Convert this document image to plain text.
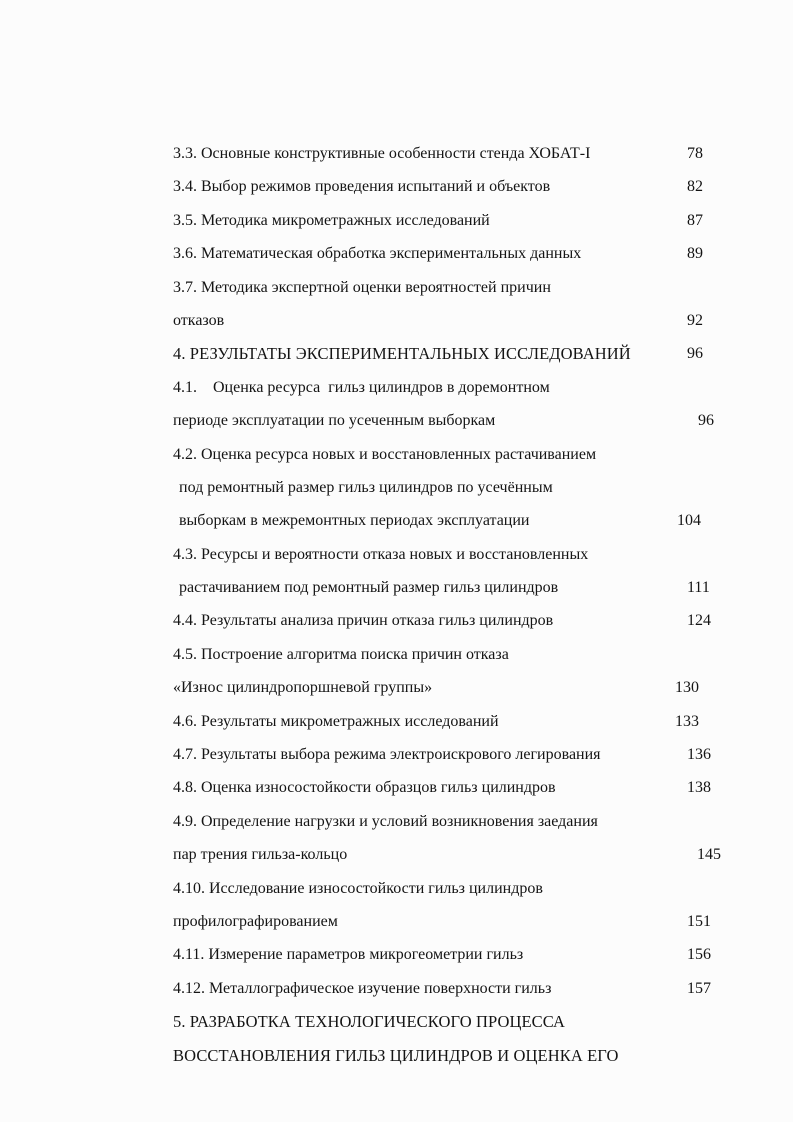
3.3. Основные конструктивные особенности стенда ХОБАТ-I	78
3.4. Выбор режимов проведения испытаний и объектов	82
3.5. Методика микрометражных исследований	87
3.6. Математическая обработка экспериментальных данных	89
3.7. Методика экспертной оценки вероятностей причин
отказов	92
4. РЕЗУЛЬТАТЫ ЭКСПЕРИМЕНТАЛЬНЫХ ИССЛЕДОВАНИЙ	96
4.1.    Оценка ресурса  гильз цилиндров в доремонтном
периоде эксплуатации по усеченным выборкам	96
4.2. Оценка ресурса новых и восстановленных растачиванием
под ремонтный размер гильз цилиндров по усечённым
выборкам в межремонтных периодах эксплуатации	104
4.3. Ресурсы и вероятности отказа новых и восстановленных
растачиванием под ремонтный размер гильз цилиндров	111
4.4. Результаты анализа причин отказа гильз цилиндров	124
4.5. Построение алгоритма поиска причин отказа
«Износ цилиндропоршневой группы»	130
4.6. Результаты микрометражных исследований	133
4.7. Результаты выбора режима электроискрового легирования	136
4.8. Оценка износостойкости образцов гильз цилиндров	138
4.9. Определение нагрузки и условий возникновения заедания
пар трения гильза-кольцо	145
4.10. Исследование износостойкости гильз цилиндров
профилографированием	151
4.11. Измерение параметров микрогеометрии гильз	156
4.12. Металлографическое изучение поверхности гильз	157
5. РАЗРАБОТКА ТЕХНОЛОГИЧЕСКОГО ПРОЦЕССА
ВОССТАНОВЛЕНИЯ ГИЛЬЗ ЦИЛИНДРОВ И ОЦЕНКА ЕГО
